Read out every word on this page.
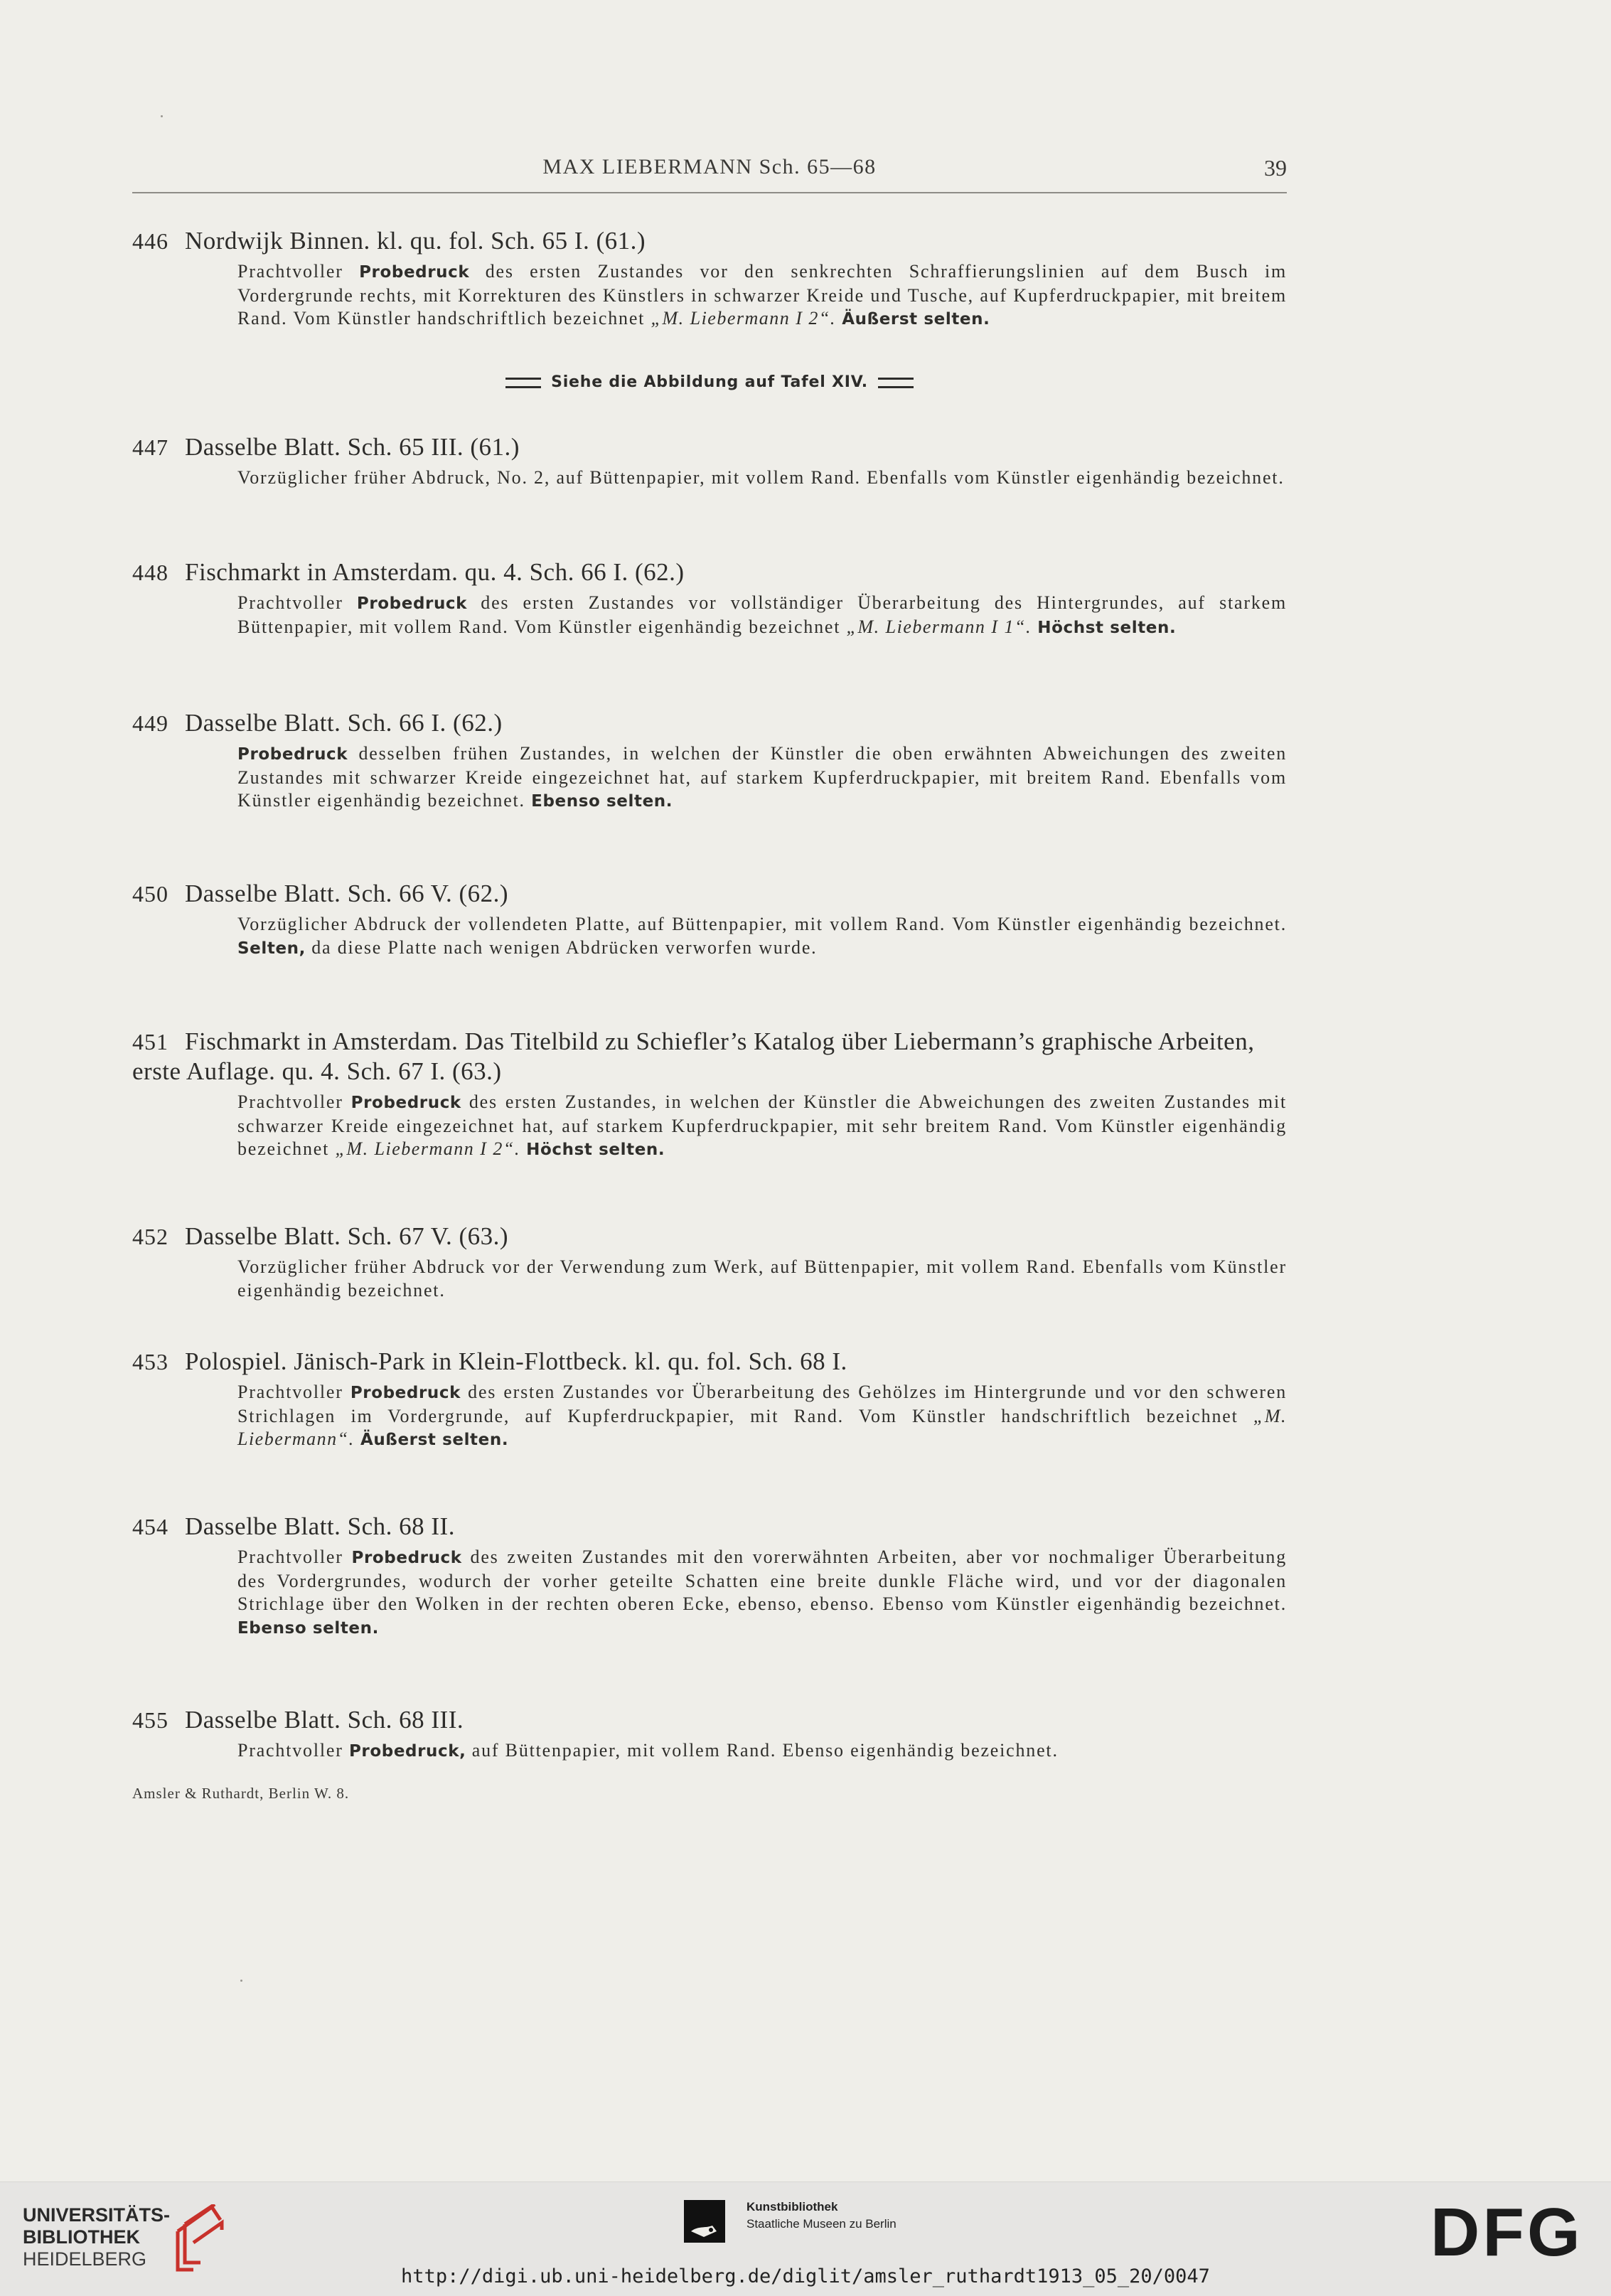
MAX LIEBERMANN Sch. 65—68	39
446 Nordwijk Binnen. kl. qu. fol. Sch. 65 I. (61.)
Prachtvoller Probedruck des ersten Zustandes vor den senkrechten Schraffierungslinien auf dem Busch im Vordergrunde rechts, mit Korrekturen des Künstlers in schwarzer Kreide und Tusche, auf Kupferdruckpapier, mit breitem Rand. Vom Künstler handschriftlich bezeichnet „M. Liebermann I 2“. Äußerst selten.
Siehe die Abbildung auf Tafel XIV.
447 Dasselbe Blatt. Sch. 65 III. (61.)
Vorzüglicher früher Abdruck, No. 2, auf Büttenpapier, mit vollem Rand. Ebenfalls vom Künstler eigenhändig bezeichnet.
448 Fischmarkt in Amsterdam. qu. 4. Sch. 66 I. (62.)
Prachtvoller Probedruck des ersten Zustandes vor vollständiger Überarbeitung des Hintergrundes, auf starkem Büttenpapier, mit vollem Rand. Vom Künstler eigenhändig bezeichnet „M. Liebermann I 1“. Höchst selten.
449 Dasselbe Blatt. Sch. 66 I. (62.)
Probedruck desselben frühen Zustandes, in welchen der Künstler die oben erwähnten Abweichungen des zweiten Zustandes mit schwarzer Kreide eingezeichnet hat, auf starkem Kupferdruckpapier, mit breitem Rand. Ebenfalls vom Künstler eigenhändig bezeichnet. Ebenso selten.
450 Dasselbe Blatt. Sch. 66 V. (62.)
Vorzüglicher Abdruck der vollendeten Platte, auf Büttenpapier, mit vollem Rand. Vom Künstler eigenhändig bezeichnet. Selten, da diese Platte nach wenigen Abdrücken verworfen wurde.
451 Fischmarkt in Amsterdam. Das Titelbild zu Schiefler’s Katalog über Liebermann’s graphische Arbeiten, erste Auflage. qu. 4. Sch. 67 I. (63.)
Prachtvoller Probedruck des ersten Zustandes, in welchen der Künstler die Abweichungen des zweiten Zustandes mit schwarzer Kreide eingezeichnet hat, auf starkem Kupferdruckpapier, mit sehr breitem Rand. Vom Künstler eigenhändig bezeichnet „M. Liebermann I 2“. Höchst selten.
452 Dasselbe Blatt. Sch. 67 V. (63.)
Vorzüglicher früher Abdruck vor der Verwendung zum Werk, auf Büttenpapier, mit vollem Rand. Ebenfalls vom Künstler eigenhändig bezeichnet.
453 Polospiel. Jänisch-Park in Klein-Flottbeck. kl. qu. fol. Sch. 68 I.
Prachtvoller Probedruck des ersten Zustandes vor Überarbeitung des Gehölzes im Hintergrunde und vor den schweren Strichlagen im Vordergrunde, auf Kupferdruckpapier, mit Rand. Vom Künstler handschriftlich bezeichnet „M. Liebermann“. Äußerst selten.
454 Dasselbe Blatt. Sch. 68 II.
Prachtvoller Probedruck des zweiten Zustandes mit den vorerwähnten Arbeiten, aber vor nochmaliger Überarbeitung des Vordergrundes, wodurch der vorher geteilte Schatten eine breite dunkle Fläche wird, und vor der diagonalen Strichlage über den Wolken in der rechten oberen Ecke, ebenso, ebenso. Ebenso vom Künstler eigenhändig bezeichnet. Ebenso selten.
455 Dasselbe Blatt. Sch. 68 III.
Prachtvoller Probedruck, auf Büttenpapier, mit vollem Rand. Ebenso eigenhändig bezeichnet.
Amsler & Ruthardt, Berlin W. 8.
UNIVERSITÄTS-
BIBLIOTHEK
HEIDELBERG
Kunstbibliothek
Staatliche Museen zu Berlin	DFG
http://digi.ub.uni-heidelberg.de/diglit/amsler_ruthardt1913_05_20/0047
